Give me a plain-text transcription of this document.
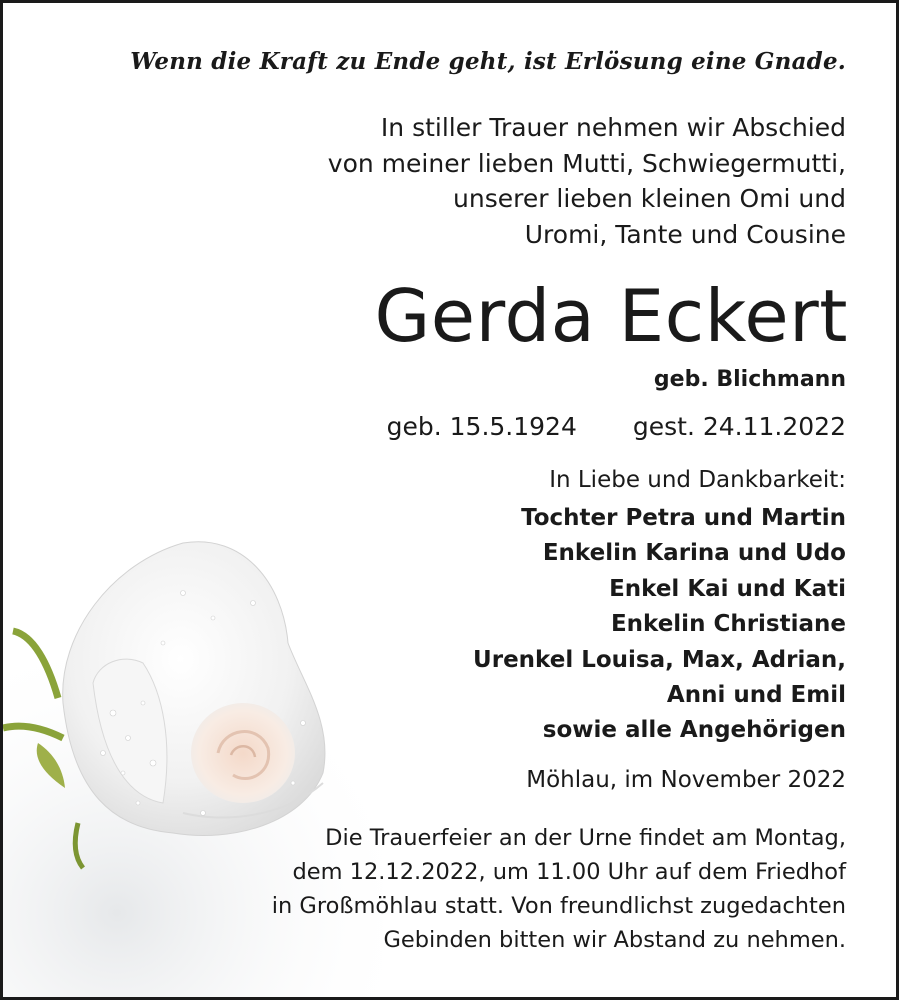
Wenn die Kraft zu Ende geht, ist Erlösung eine Gnade.
In stiller Trauer nehmen wir Abschied
von meiner lieben Mutti, Schwiegermutti,
unserer lieben kleinen Omi und
Uromi, Tante und Cousine
Gerda Eckert
geb. Blichmann
geb. 15.5.1924 gest. 24.11.2022
In Liebe und Dankbarkeit:
Tochter Petra und Martin
Enkelin Karina und Udo
Enkel Kai und Kati
Enkelin Christiane
Urenkel Louisa, Max, Adrian,
Anni und Emil
sowie alle Angehörigen
Möhlau, im November 2022
Die Trauerfeier an der Urne findet am Montag,
dem 12.12.2022, um 11.00 Uhr auf dem Friedhof
in Großmöhlau statt. Von freundlichst zugedachten
Gebinden bitten wir Abstand zu nehmen.
